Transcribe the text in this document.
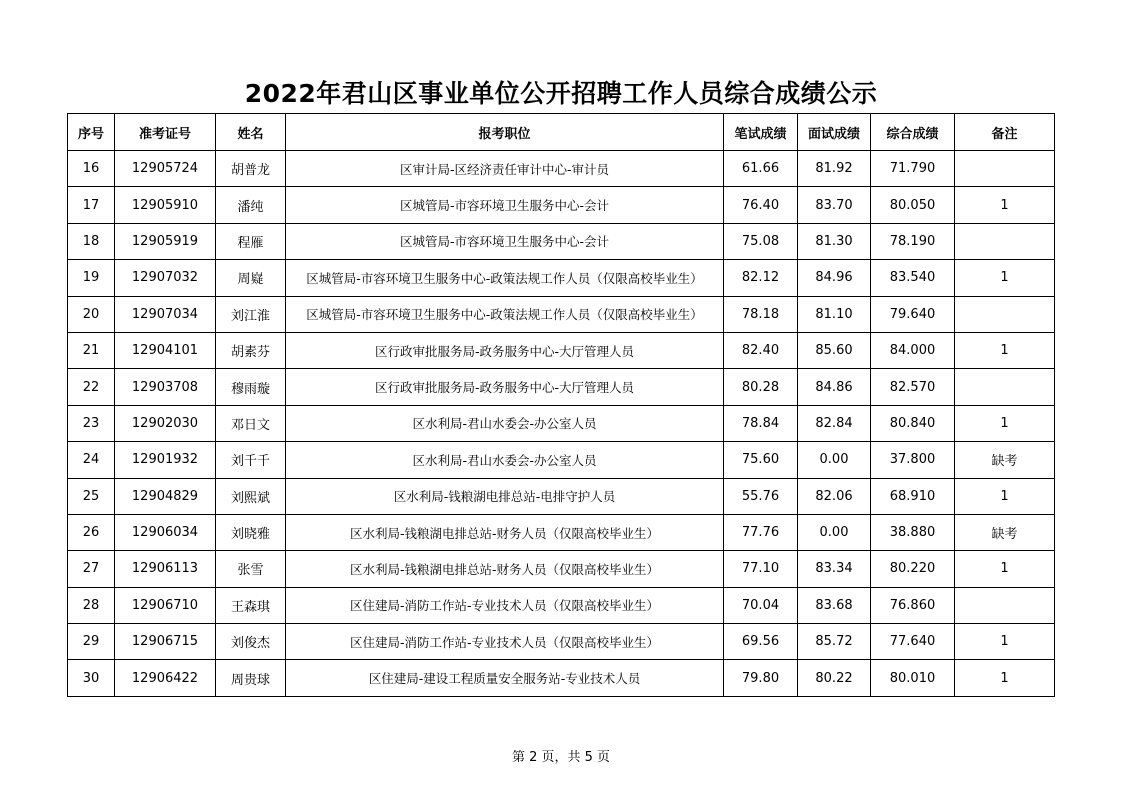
2022年君山区事业单位公开招聘工作人员综合成绩公示
序号	准考证号	姓名	报考职位	笔试成绩	面试成绩	综合成绩	备注
16	12905724	胡普龙	区审计局-区经济责任审计中心-审计员	61.66	81.92	71.790	
17	12905910	潘纯	区城管局-市容环境卫生服务中心-会计	76.40	83.70	80.050	1
18	12905919	程雁	区城管局-市容环境卫生服务中心-会计	75.08	81.30	78.190	
19	12907032	周嶷	区城管局-市容环境卫生服务中心-政策法规工作人员（仅限高校毕业生）	82.12	84.96	83.540	1
20	12907034	刘江淮	区城管局-市容环境卫生服务中心-政策法规工作人员（仅限高校毕业生）	78.18	81.10	79.640	
21	12904101	胡素芬	区行政审批服务局-政务服务中心-大厅管理人员	82.40	85.60	84.000	1
22	12903708	穆雨璇	区行政审批服务局-政务服务中心-大厅管理人员	80.28	84.86	82.570	
23	12902030	邓日文	区水利局-君山水委会-办公室人员	78.84	82.84	80.840	1
24	12901932	刘千千	区水利局-君山水委会-办公室人员	75.60	0.00	37.800	缺考
25	12904829	刘熙斌	区水利局-钱粮湖电排总站-电排守护人员	55.76	82.06	68.910	1
26	12906034	刘晓雅	区水利局-钱粮湖电排总站-财务人员（仅限高校毕业生）	77.76	0.00	38.880	缺考
27	12906113	张雪	区水利局-钱粮湖电排总站-财务人员（仅限高校毕业生）	77.10	83.34	80.220	1
28	12906710	王森琪	区住建局-消防工作站-专业技术人员（仅限高校毕业生）	70.04	83.68	76.860	
29	12906715	刘俊杰	区住建局-消防工作站-专业技术人员（仅限高校毕业生）	69.56	85.72	77.640	1
30	12906422	周贵球	区住建局-建设工程质量安全服务站-专业技术人员	79.80	80.22	80.010	1
第 2 页，共 5 页
